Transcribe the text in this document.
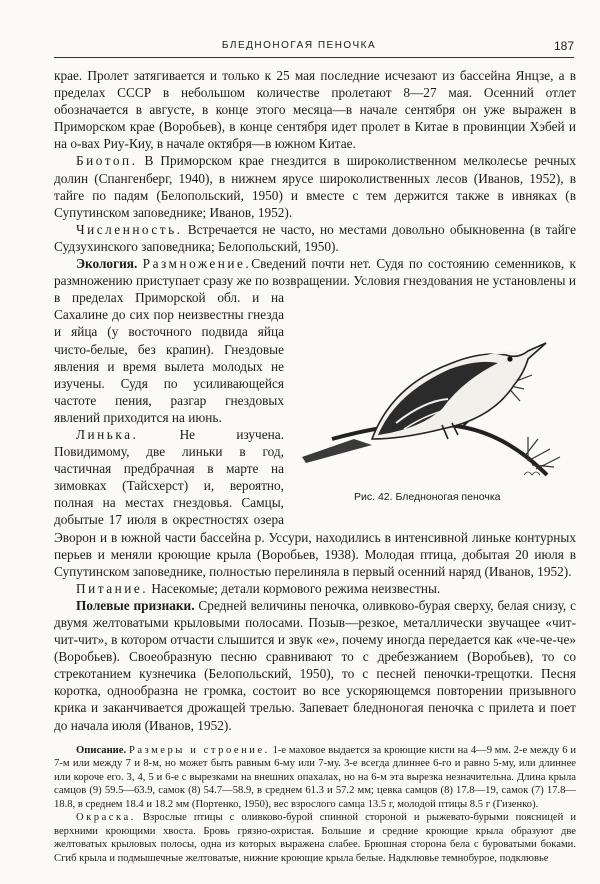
БЛЕДНОНОГАЯ ПЕНОЧКА	187

крае. Пролет затягивается и только к 25 мая последние исчезают из бассейна Янцзе, а в пределах СССР в небольшом количестве пролетают 8—27 мая. Осенний отлет обозначается в августе, в конце этого месяца—в начале сентября он уже выражен в Приморском крае (Воробьев), в конце сентября идет пролет в Китае в провинции Хэбей и на о-вах Риу-Киу, в начале октября—в южном Китае.

Биотоп. В Приморском крае гнездится в широколиственном мелколесье речных долин (Спангенберг, 1940), в нижнем ярусе широколиственных лесов (Иванов, 1952), в тайге по падям (Белопольский, 1950) и вместе с тем держится также в ивняках (в Супутинском заповеднике; Иванов, 1952).

Численность. Встречается не часто, но местами довольно обыкновенна (в тайге Судзухинского заповедника; Белопольский, 1950).

Экология. Размножение.Сведений почти нет. Судя по состоянию семенников, к размножению приступает сразу же по возвращении. Условия
Рис. 42. Бледноногая пеночка
гнездования не установлены и в пределах Приморской обл. и на Сахалине до сих пор неизвестны гнезда и яйца (у восточного подвида яйца чисто-белые, без крапин). Гнездовые явления и время вылета молодых не изучены. Судя по усиливающейся частоте пения, разгар гнездовых явлений приходится на июнь.

Линька. Не изучена. Повидимому, две линьки в год, частичная предбрачная в марте на зимовках (Тайсхерст) и, вероятно, полная на местах гнездовья. Самцы, добытые 17 июля в окрестностях озера Эворон и в южной части бассейна р. Уссури, находились в интенсивной линьке контурных перьев и меняли кроющие крыла (Воробьев, 1938). Молодая птица, добытая 20 июля в Супутинском заповеднике, полностью перелиняла в первый осенний наряд (Иванов, 1952).

Питание. Насекомые; детали кормового режима неизвестны.

Полевые признаки. Средней величины пеночка, оливково-бурая сверху, белая снизу, с двумя желтоватыми крыловыми полосами. Позыв—резкое, металлически звучащее «чит-чит-чит», в котором отчасти слышится и звук «е», почему иногда передается как «че-че-че» (Воробьев). Своеобразную песню сравнивают то с дребезжанием (Воробьев), то со стрекотанием кузнечика (Белопольский, 1950), то с песней пеночки-трещотки. Песня коротка, однообразна не громка, состоит во все ускоряющемся повторении призывного крика и заканчивается дрожащей трелью. Запевает бледноногая пеночка с прилета и поет до начала июля (Иванов, 1952).

Описание. Размеры и строение. 1-е маховое выдается за кроющие кисти на 4—9 мм. 2-е между 6 и 7-м или между 7 и 8-м, но может быть равным 6-му или 7-му. 3-е всегда длиннее 6-го и равно 5-му, или длиннее или короче его. 3, 4, 5 и 6-е с вырезками на внешних опахалах, но на 6-м эта вырезка незначительна. Длина крыла самцов (9) 59.5—63.9, самок (8) 54.7—58.9, в среднем 61.3 и 57.2 мм; цевка самцов (8) 17.8—19, самок (7) 17.8—18.8, в среднем 18.4 и 18.2 мм (Портенко, 1950), вес взрослого самца 13.5 г, молодой птицы 8.5 г (Гизенко).

Окраска. Взрослые птицы с оливково-бурой спинной стороной и рыжевато-бурыми поясницей и верхними кроющими хвоста. Бровь грязно-охристая. Большие и средние кроющие крыла образуют две желтоватых крыловых полосы, одна из которых выражена слабее. Брюшная сторона бела с буроватыми боками. Сгиб крыла и подмышечные желтоватые, нижние кроющие крыла белые. Надклювье темнобурое, подклювье
